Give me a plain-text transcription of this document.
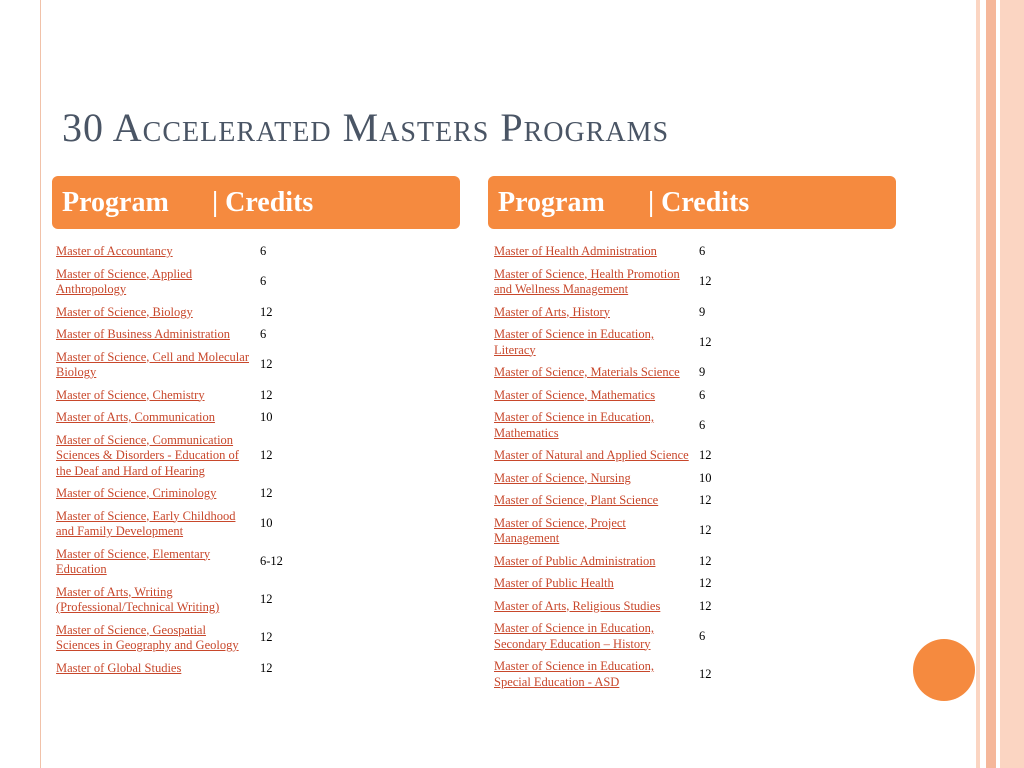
30 Accelerated Masters Programs
Program	| Credits	Program	| Credits
Master of Accountancy	6
Master of Science, Applied Anthropology	6
Master of Science, Biology	12
Master of Business Administration	6
Master of Science, Cell and Molecular Biology	12
Master of Science, Chemistry	12
Master of Arts, Communication	10
Master of Science, Communication Sciences & Disorders - Education of the Deaf and Hard of Hearing	12
Master of Science, Criminology	12
Master of Science, Early Childhood and Family Development	10
Master of Science, Elementary Education	6-12
Master of Arts, Writing (Professional/Technical Writing)	12
Master of Science, Geospatial Sciences in Geography and Geology	12
Master of Global Studies	12
Master of Health Administration	6
Master of Science, Health Promotion and Wellness Management	12
Master of Arts, History	9
Master of Science in Education, Literacy	12
Master of Science, Materials Science	9
Master of Science, Mathematics	6
Master of Science in Education, Mathematics	6
Master of Natural and Applied Science	12
Master of Science, Nursing	10
Master of Science, Plant Science	12
Master of Science, Project Management	12
Master of Public Administration	12
Master of Public Health	12
Master of Arts, Religious Studies	12
Master of Science in Education, Secondary Education – History	6
Master of Science in Education, Special Education - ASD	12
